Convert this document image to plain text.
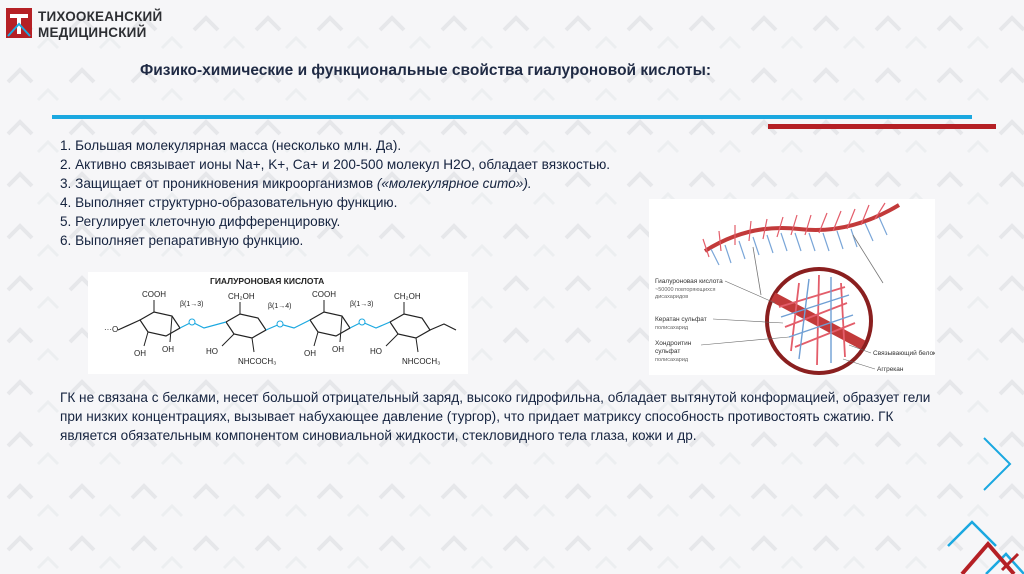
ТИХООКЕАНСКИЙ
МЕДИЦИНСКИЙ
Физико-химические и функциональные свойства гиалуроновой кислоты:
1. Большая молекулярная масса (несколько млн. Да).
2. Активно связывает ионы Na+, K+, Ca+ и 200-500 молекул H2O, обладает вязкостью.
3. Защищает от проникновения микроорганизмов («молекулярное сито»).
4. Выполняет структурно-образовательную функцию.
5. Регулирует клеточную дифференцировку.
6. Выполняет репаративную функцию.
ГИАЛУРОНОВАЯ КИСЛОТА
···O
COOH	CH₂OH	COOH	CH₂OH
β(1→3)	β(1→4)	β(1→3)
OH OH	HO
NHCOCH₃
OH OH	HO
NHCOCH₃
Гиалуроновая кислота
~50000 повторяющихся
дисахаридов
Кератан сульфат
полисахарид
Хондроитин
сульфат
полисахарид
Связывающий белок
Аггрекан
ГК не связана с белками, несет большой отрицательный заряд, высоко гидрофильна, обладает вытянутой конформацией, образует гели при низких концентрациях, вызывает набухающее давление (тургор), что придает матриксу способность противостоять сжатию. ГК является обязательным компонентом синовиальной жидкости, стекловидного тела глаза, кожи и др.
